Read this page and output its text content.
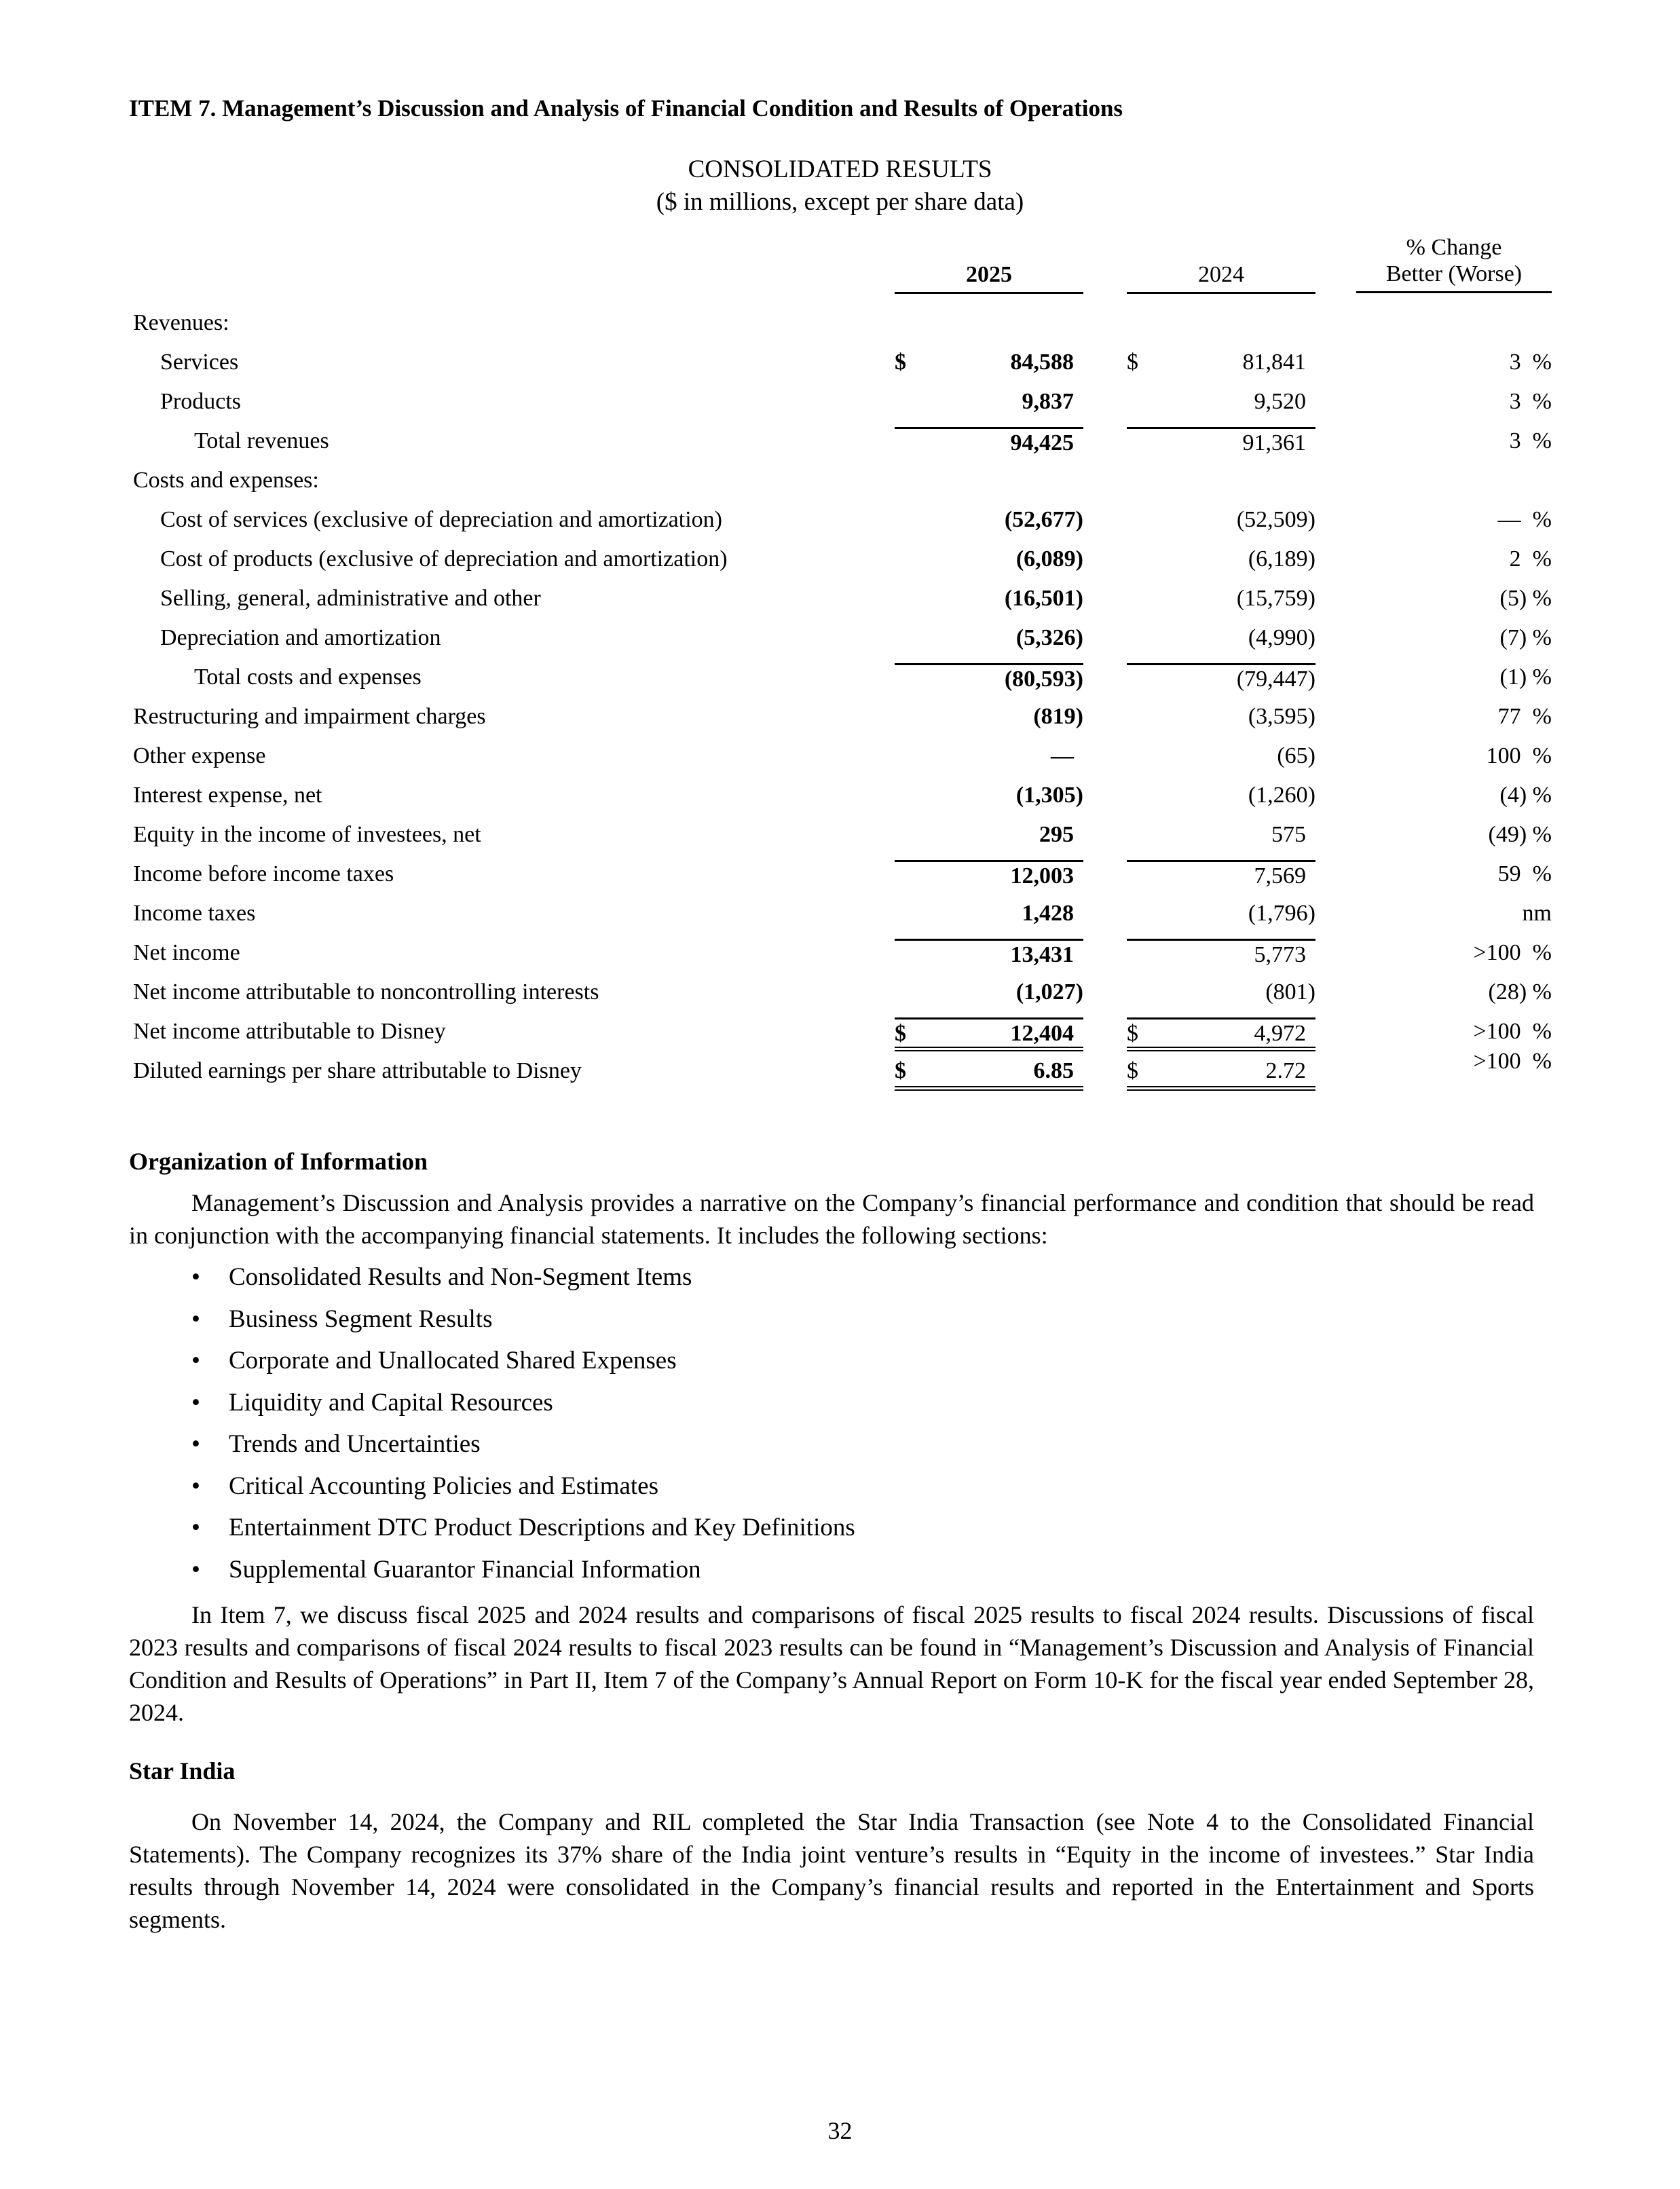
ITEM 7. Management’s Discussion and Analysis of Financial Condition and Results of Operations
CONSOLIDATED RESULTS
($ in millions, except per share data)
2025	2024
% Change
Better (Worse)
Revenues:
Services	$	84,588 $	81,841	3  %
Products	9,837	9,520	3  %
Total revenues	94,425	91,361	3  %
Costs and expenses:
Cost of services (exclusive of depreciation and amortization)	(52,677)	(52,509)	—  %
Cost of products (exclusive of depreciation and amortization)	(6,089)	(6,189)	2  %
Selling, general, administrative and other	(16,501)	(15,759)	(5) %
Depreciation and amortization	(5,326)	(4,990)	(7) %
Total costs and expenses	(80,593)	(79,447)	(1) %
Restructuring and impairment charges	(819)	(3,595)	77  %
Other expense	—	(65)	100  %
Interest expense, net	(1,305)	(1,260)	(4) %
Equity in the income of investees, net	295	575	(49) %
Income before income taxes	12,003	7,569	59  %
Income taxes	1,428	(1,796)	nm
Net income	13,431	5,773	>100  %
Net income attributable to noncontrolling interests	(1,027)	(801)	(28) %
Net income attributable to Disney	$	12,404 $	4,972	>100  %
Diluted earnings per share attributable to Disney	$	6.85 $	2.72	>100  %
Organization of Information

Management’s Discussion and Analysis provides a narrative on the Company’s financial performance and condition that should be read in conjunction with the accompanying financial statements. It includes the following sections:

• Consolidated Results and Non-Segment Items
• Business Segment Results
• Corporate and Unallocated Shared Expenses
• Liquidity and Capital Resources
• Trends and Uncertainties
• Critical Accounting Policies and Estimates
• Entertainment DTC Product Descriptions and Key Definitions
• Supplemental Guarantor Financial Information

In Item 7, we discuss fiscal 2025 and 2024 results and comparisons of fiscal 2025 results to fiscal 2024 results. Discussions of fiscal 2023 results and comparisons of fiscal 2024 results to fiscal 2023 results can be found in “Management’s Discussion and Analysis of Financial Condition and Results of Operations” in Part II, Item 7 of the Company’s Annual Report on Form 10-K for the fiscal year ended September 28, 2024.

Star India

On November 14, 2024, the Company and RIL completed the Star India Transaction (see Note 4 to the Consolidated Financial Statements). The Company recognizes its 37% share of the India joint venture’s results in “Equity in the income of investees.” Star India results through November 14, 2024 were consolidated in the Company’s financial results and reported in the Entertainment and Sports segments.

32
